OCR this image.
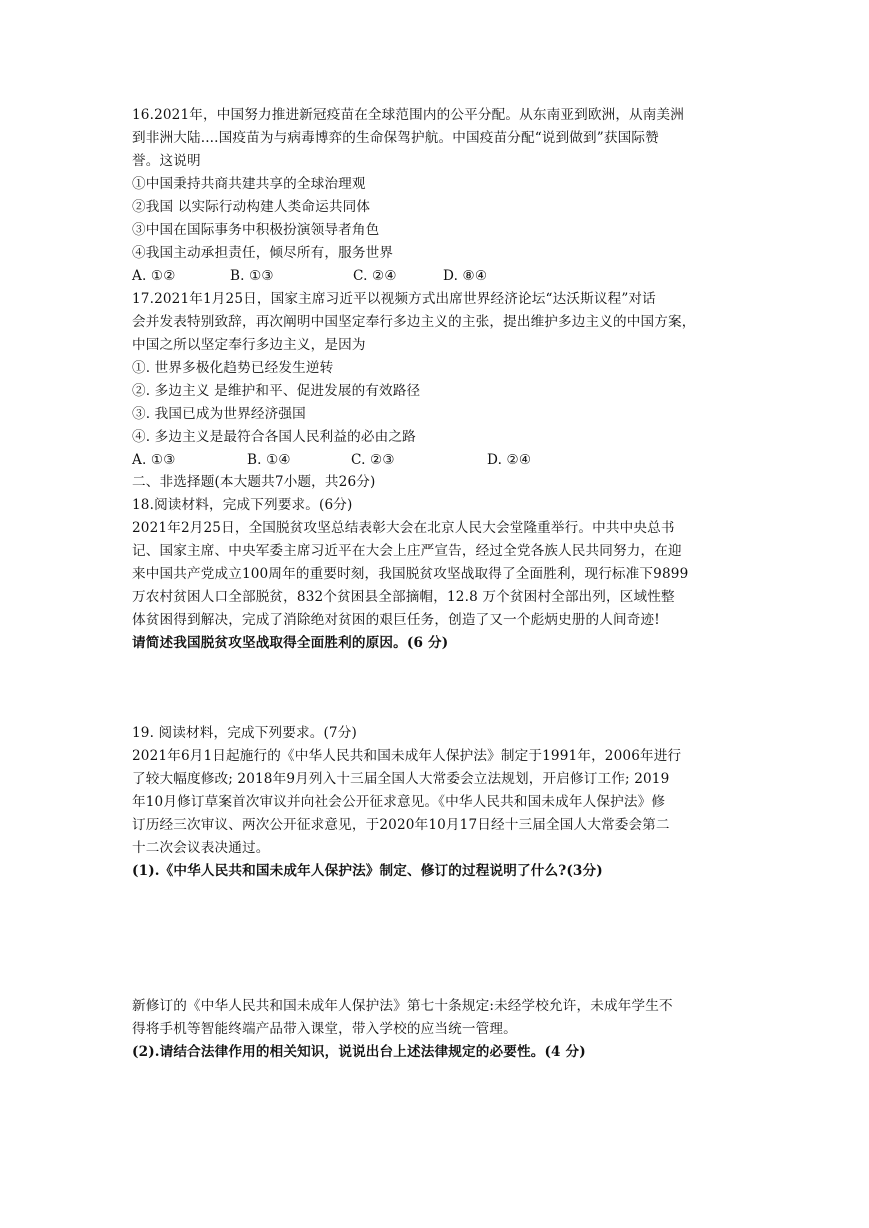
16.2021年，中国努力推进新冠疫苗在全球范围内的公平分配。从东南亚到欧洲，从南美洲
到非洲大陆....国疫苗为与病毒博弈的生命保驾护航。中国疫苗分配“说到做到”获国际赞
誉。这说明
①中国秉持共商共建共享的全球治理观
②我国 以实际行动构建人类命运共同体
③中国在国际事务中积极扮演领导者角色
④我国主动承担责任，倾尽所有，服务世界
A. ①②	B. ①③	C. ②④	D. ⑧④
17.2021年1月25日，国家主席习近平以视频方式出席世界经济论坛“达沃斯议程”对话
会并发表特别致辞，再次阐明中国坚定奉行多边主义的主张，提出维护多边主义的中国方案，
中国之所以坚定奉行多边主义，是因为
①. 世界多极化趋势已经发生逆转
②. 多边主义 是维护和平、促进发展的有效路径
③. 我国已成为世界经济强国
④. 多边主义是最符合各国人民利益的必由之路
A. ①③	B. ①④	C. ②③	D. ②④
二、非选择题(本大题共7小题，共26分)
18.阅读材料，完成下列要求。(6分)
2021年2月25日，全国脱贫攻坚总结表彰大会在北京人民大会堂隆重举行。中共中央总书
记、国家主席、中央军委主席习近平在大会上庄严宣告，经过全党各族人民共同努力，在迎
来中国共产党成立100周年的重要时刻，我国脱贫攻坚战取得了全面胜利，现行标准下9899
万农村贫困人口全部脱贫，832个贫困县全部摘帽，12.8 万个贫困村全部出列，区域性整
体贫困得到解决，完成了消除绝对贫困的艰巨任务，创造了又一个彪炳史册的人间奇迹!
请简述我国脱贫攻坚战取得全面胜利的原因。(6 分)
19. 阅读材料，完成下列要求。(7分)
2021年6月1日起施行的《中华人民共和国未成年人保护法》制定于1991年，2006年进行
了较大幅度修改; 2018年9月列入十三届全国人大常委会立法规划，开启修订工作; 2019
年10月修订草案首次审议并向社会公开征求意见。《中华人民共和国未成年人保护法》修
订历经三次审议、两次公开征求意见，于2020年10月17日经十三届全国人大常委会第二
十二次会议表决通过。
(1).《中华人民共和国未成年人保护法》制定、修订的过程说明了什么?(3分)
新修订的《中华人民共和国未成年人保护法》第七十条规定:未经学校允许，未成年学生不
得将手机等智能终端产品带入课堂，带入学校的应当统一管理。
(2).请结合法律作用的相关知识，说说出台上述法律规定的必要性。(4 分)
